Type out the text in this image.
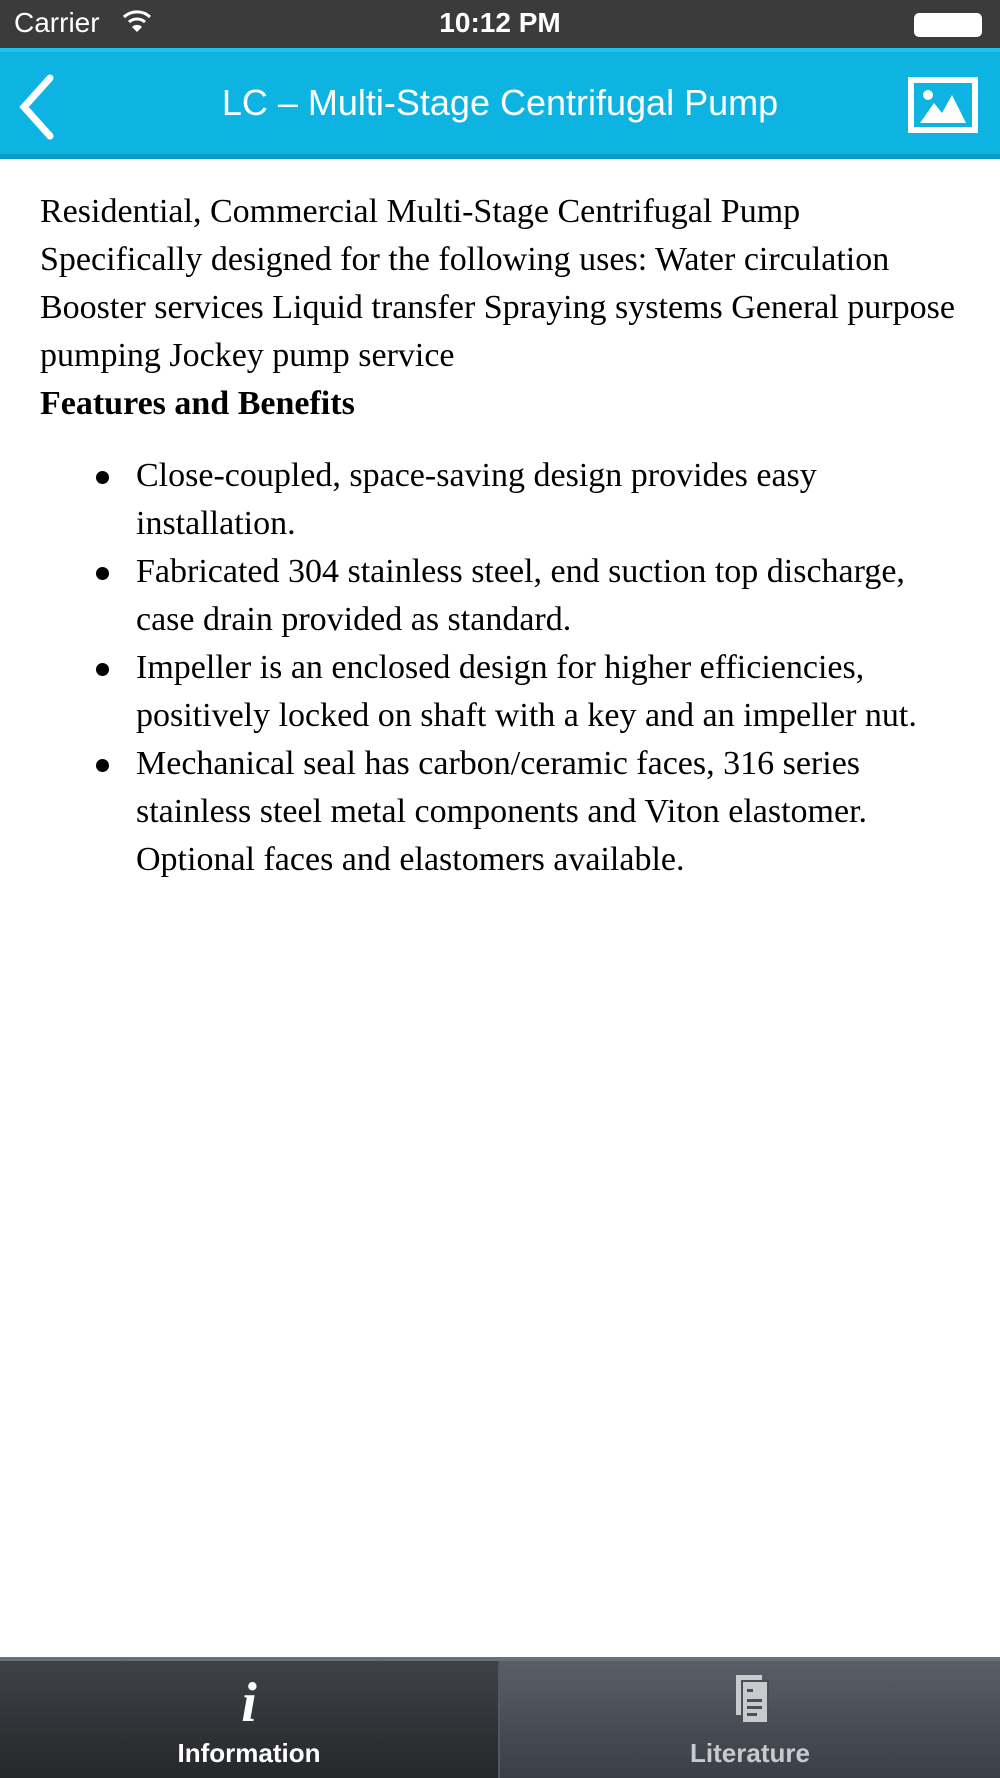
Carrier	10:12 PM
LC – Multi-Stage Centrifugal Pump

Residential, Commercial Multi-Stage Centrifugal Pump Specifically designed for the following uses: Water circulation Booster services Liquid transfer Spraying systems General purpose pumping Jockey pump service

Features and Benefits
Close-coupled, space-saving design provides easy installation.
Fabricated 304 stainless steel, end suction top discharge, case drain provided as standard.
Impeller is an enclosed design for higher efficiencies, positively locked on shaft with a key and an impeller nut.
Mechanical seal has carbon/ceramic faces, 316 series stainless steel metal components and Viton elastomer. Optional faces and elastomers available.
i
Information	Literature
